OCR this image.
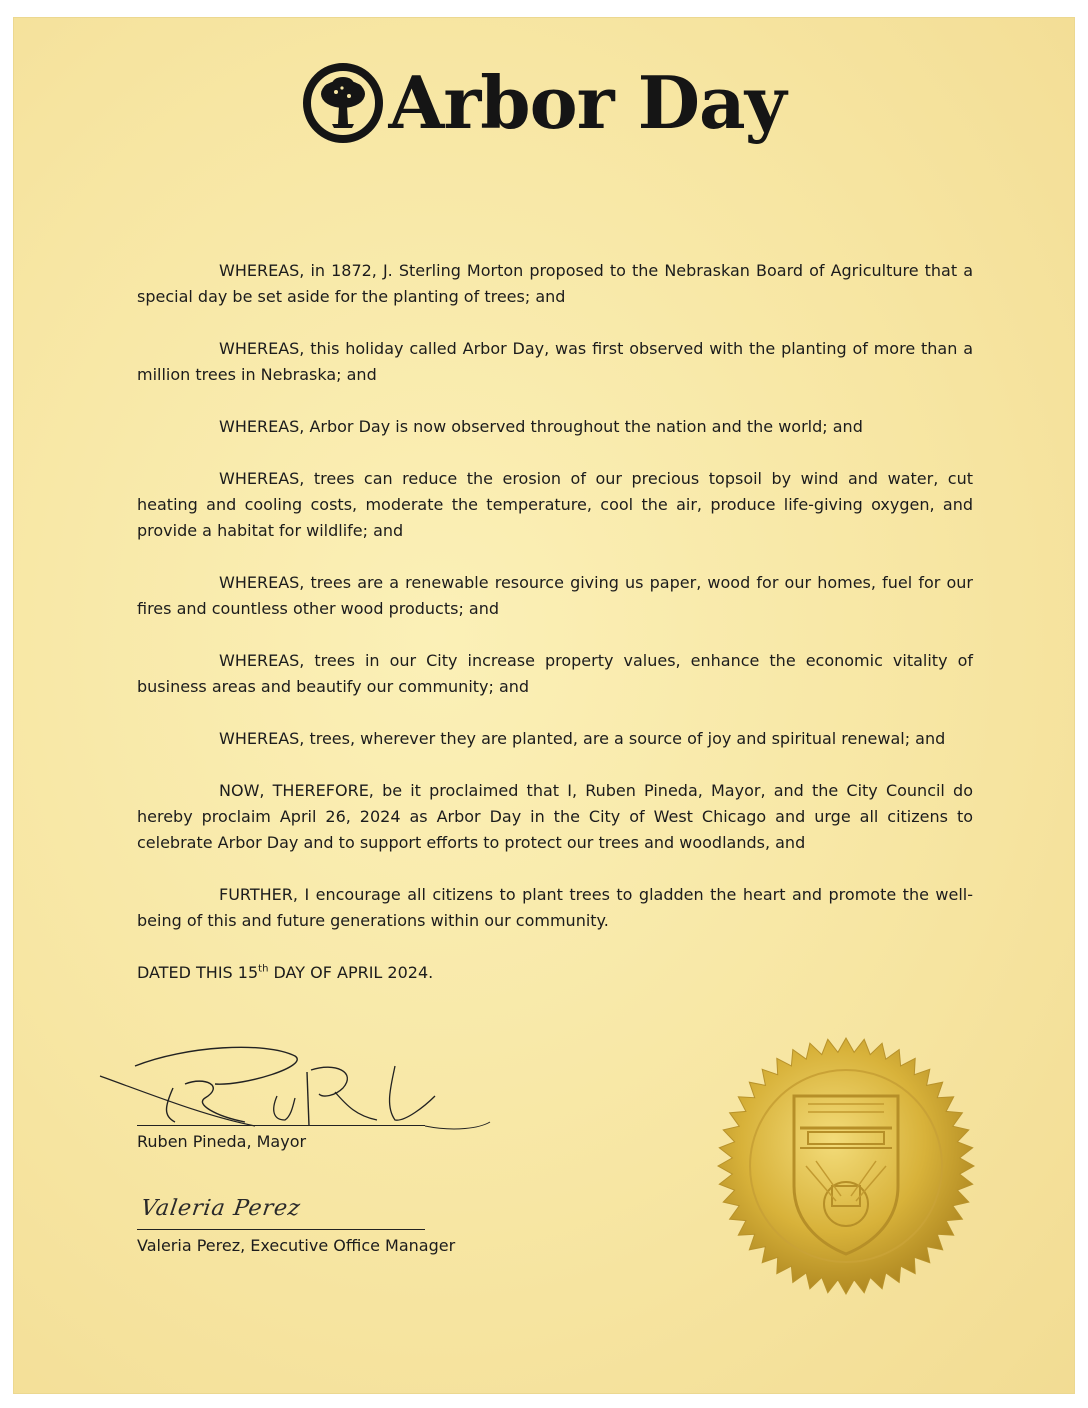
Arbor Day

WHEREAS, in 1872, J. Sterling Morton proposed to the Nebraskan Board of Agriculture that a special day be set aside for the planting of trees; and

WHEREAS, this holiday called Arbor Day, was first observed with the planting of more than a million trees in Nebraska; and

WHEREAS, Arbor Day is now observed throughout the nation and the world; and

WHEREAS, trees can reduce the erosion of our precious topsoil by wind and water, cut heating and cooling costs, moderate the temperature, cool the air, produce life-giving oxygen, and provide a habitat for wildlife; and

WHEREAS, trees are a renewable resource giving us paper, wood for our homes, fuel for our fires and countless other wood products; and

WHEREAS, trees in our City increase property values, enhance the economic vitality of business areas and beautify our community; and

WHEREAS, trees, wherever they are planted, are a source of joy and spiritual renewal; and

NOW, THEREFORE, be it proclaimed that I, Ruben Pineda, Mayor, and the City Council do hereby proclaim April 26, 2024 as Arbor Day in the City of West Chicago and urge all citizens to celebrate Arbor Day and to support efforts to protect our trees and woodlands, and

FURTHER, I encourage all citizens to plant trees to gladden the heart and promote the well-being of this and future generations within our community.

DATED THIS 15th DAY OF APRIL 2024.

Ruben Pineda, Mayor
Valeria Perez
Valeria Perez, Executive Office Manager
